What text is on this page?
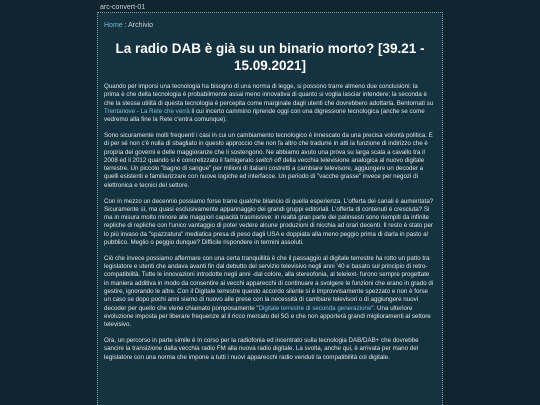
arc-convert-01
Home : Archivio
La radio DAB è già su un binario morto? [39.21 - 15.09.2021]

Quando per imporsi una tecnologia ha bisogno di una norma di legge, si possono trarre almeno due conclusioni: la prima è che della tecnologia è probabilmente assai meno innovativa di quanto si voglia lasciar intendere; la seconda è che la stessa utilità di questa tecnologia è percepita come marginale dagli utenti che dovrebbero adottarla. Bentornati su Trentanove - La Rete che verrà il cui incerto cammino riprende oggi con una digressione tecnologica (anche se come vedremo alla fine la Rete c'entra comunque).

Sono sicuramente molti frequenti i casi in cui un cambiamento tecnologico è innescato da una precisa volontà politica. E di per sé non c'è nulla di sbagliato in questo approccio che non fa altro che tradurre in atti la funzione di indirizzo che è propria dei governi e delle maggioranze che li sostengono. Ne abbiamo avuto una prova su larga scala a cavallo tra il 2008 ed il 2012 quando si è concretizzato il famigerato switch off della vecchia televisione analogica al nuovo digitale terrestre. Un piccolo "bagno di sangue" per milioni di italiani costretti a cambiare televisore, aggiungere un decoder a quelli esistenti e familiarizzare con nuove logiche ed interfacce. Un periodo di "vacche grasse" invece per negozi di elettronica e tecnici del settore.

Con in mezzo un decennio possiamo forse trarre qualche bilancio di quella esperienza. L'offerta dei canali è aumentata? Sicuramente sì, ma quasi esclusivamente appannaggio dei grandi gruppi editoriali. L'offerta di contenuti è cresciuta? Si ma in misura molto minore alle maggiori capacità trasmissive: in realtà gran parte dei palinsesti sono riempiti da infinite repliche di repliche con l'unico vantaggio di poter vedere alcune produzioni di nicchia ad orari decenti. Il resto è stato per lo più invaso da "spazzatura" mediatica presa di peso dagli USA e doppiata alla meno peggio prima di darla in pasto al pubblico. Meglio o peggio dunque? Difficile rispondere in termini assoluti.

Ciò che invece possiamo affermare con una certa tranquillità è che il passaggio al digitale terrestre ha rotto un patto tra legislatore e utenti che andava avanti fin dal debutto del servizio televisivo negli anni '40 e basato sul principio di retro-compatibilità. Tutte le innovazioni introdotte negli anni -dal colore, alla stereofonia, al telelext- furono sempre progettate in maniera additiva in modo da consentire ai vecchi apparecchi di continuare a svolgere le funzioni che erano in grado di gestire, ignorando le altre. Con il Digitale terrestre questo accordo silente si è improvvisamente spezzato e non è forse un caso se dopo pochi anni siamo di nuovo alle prese con la necessità di cambiare televisori o di aggiungere nuovi decoder per quello che viene chiamato pomposamente "Digitale terrestre di seconda generazione". Una ulteriore evoluzione imposta per liberare frequenze al il ricco mercato del 5G e che non apporterà grandi miglioramenti al settore televisivo.

Ora, un percorso in parte simile è in corso per la radiofonia ed incentrato sulla tecnologia DAB/DAB+ che dovrebbe sancire la transizione dalla vecchia radio FM alla nuova radio digitale. La svolta, anche qui, è arrivata per mano del legislatore con una norma che impone a tutti i nuovi apparecchi radio venduti la compatibilità col digitale.
